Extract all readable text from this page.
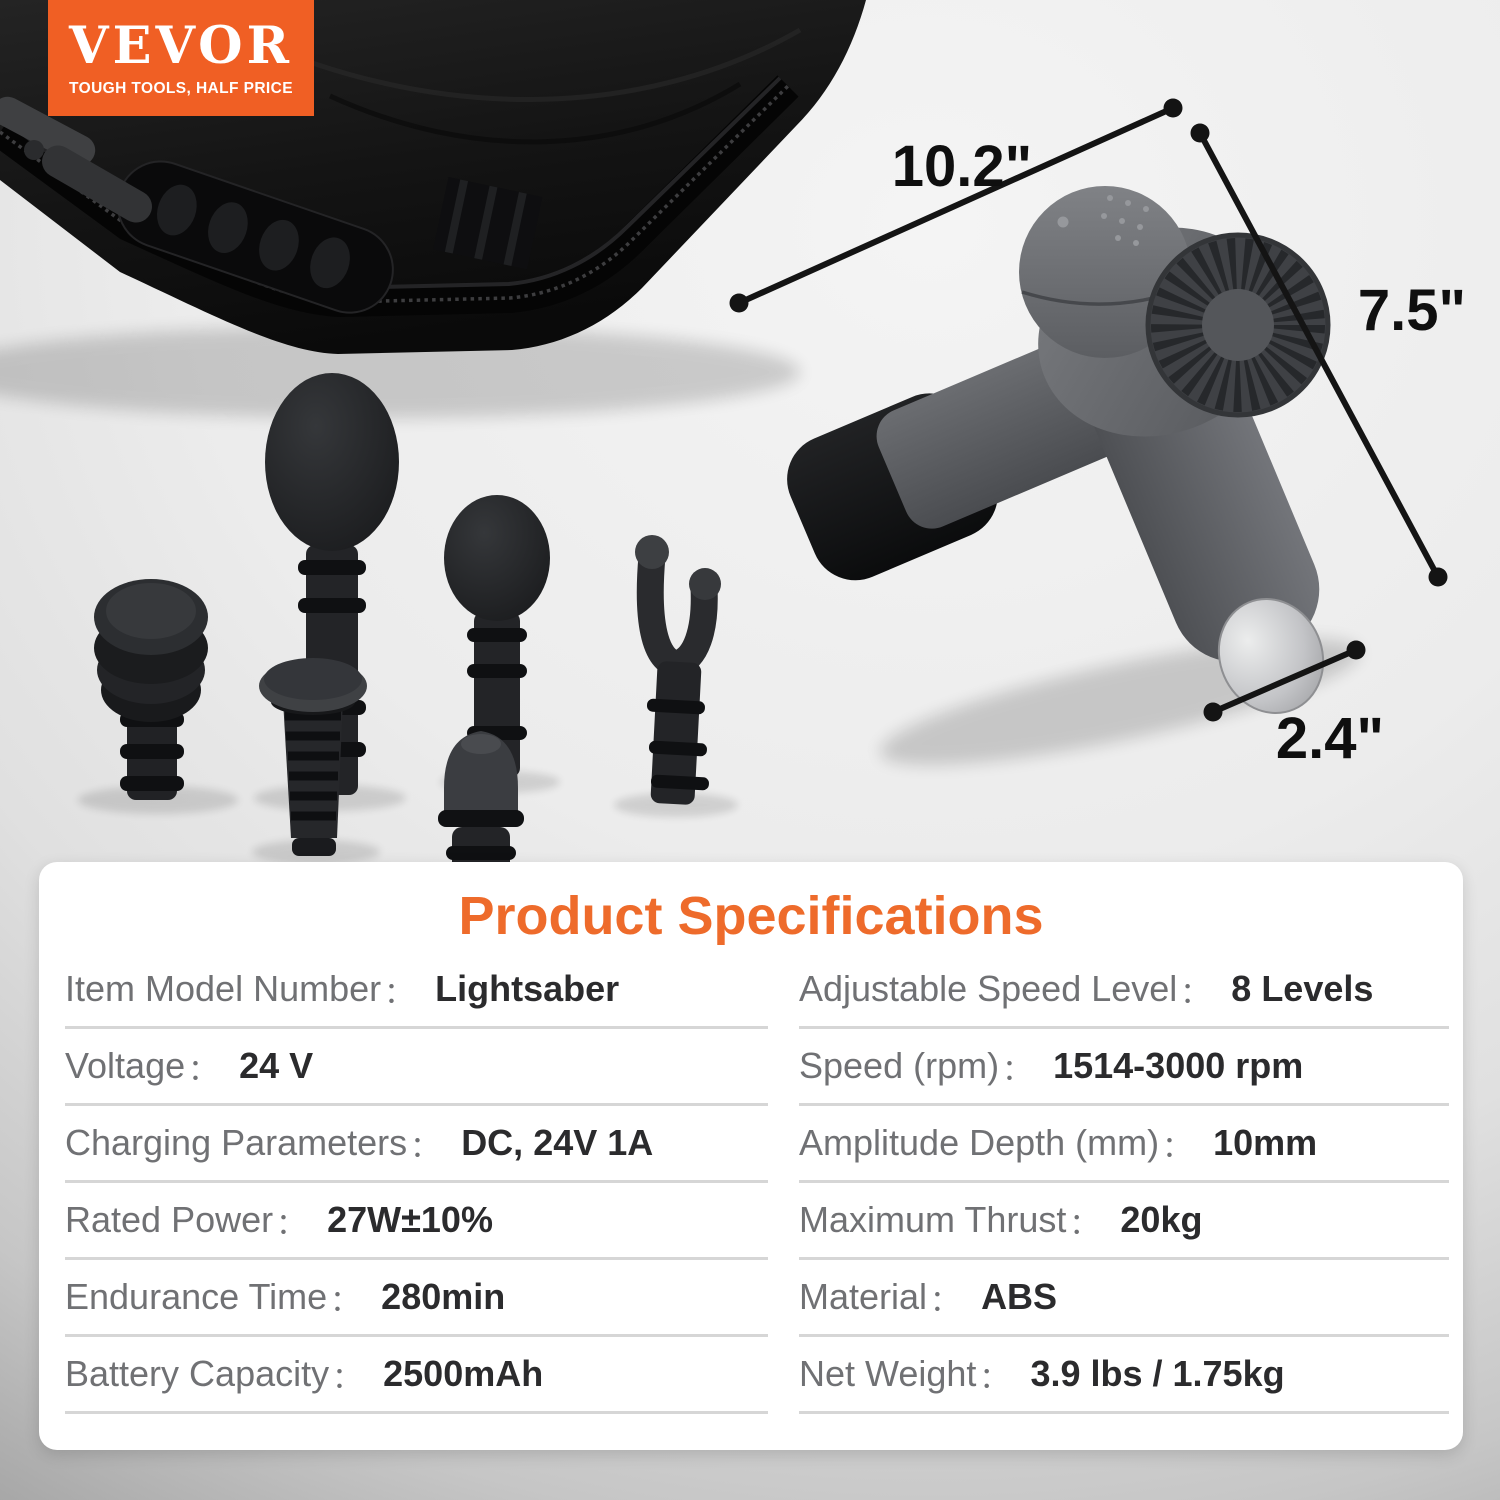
10.2"
7.5"
2.4"
VEVOR
TOUGH TOOLS, HALF PRICE
Product Specifications
Item Model Number ： Lightsaber
Voltage ： 24 V
Charging Parameters ： DC, 24V 1A
Rated Power ： 27W±10%
Endurance Time ： 280min
Battery Capacity ： 2500mAh
Adjustable Speed Level ： 8 Levels
Speed (rpm) ： 1514-3000 rpm
Amplitude Depth (mm) ： 10mm
Maximum Thrust ： 20kg
Material ： ABS
Net Weight ： 3.9 lbs / 1.75kg
